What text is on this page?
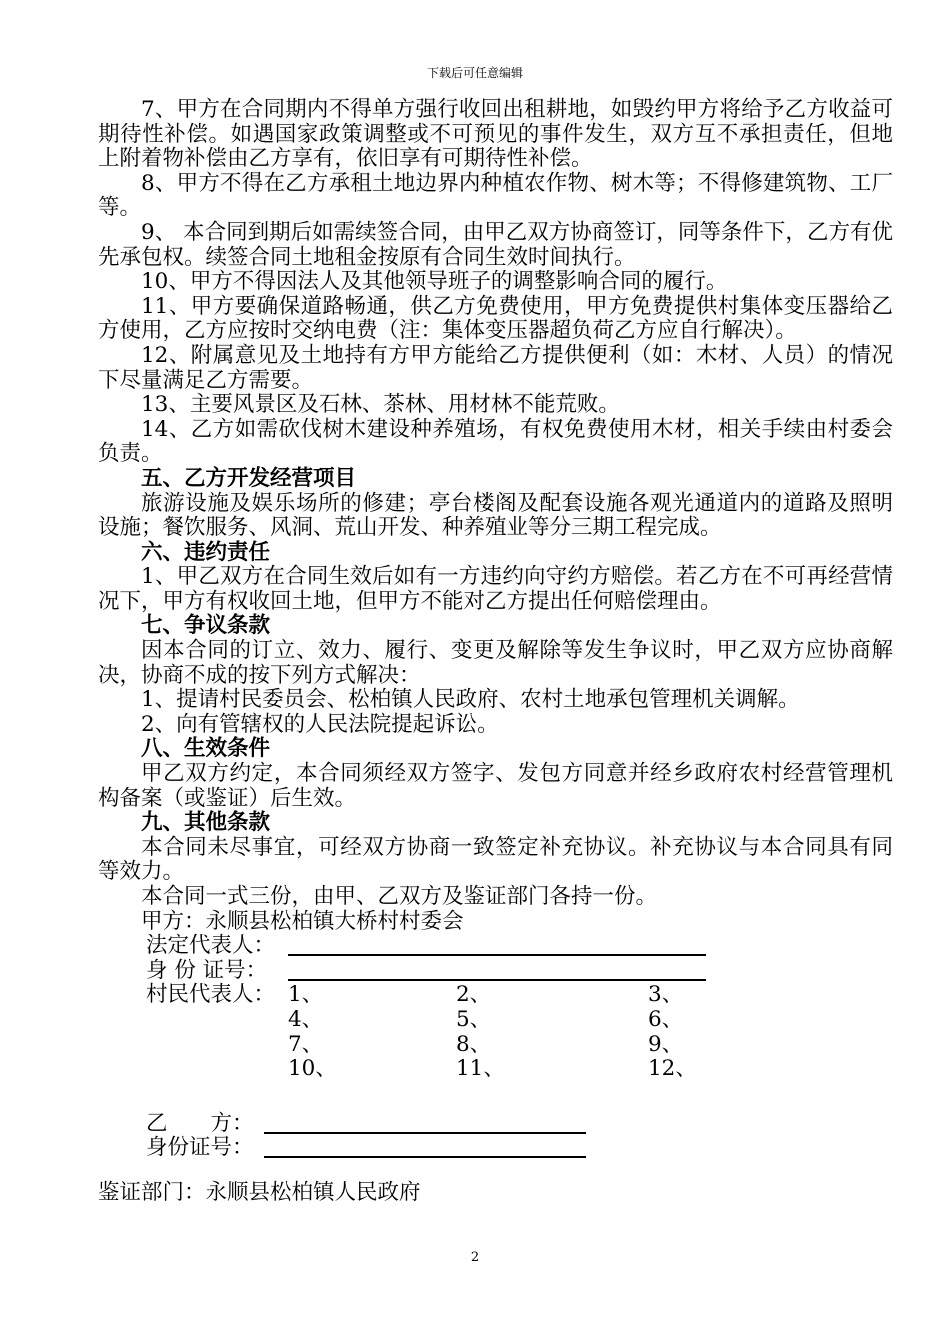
下载后可任意编辑

7、甲方在合同期内不得单方强行收回出租耕地，如毁约甲方将给予乙方收益可期待性补偿。如遇国家政策调整或不可预见的事件发生，双方互不承担责任，但地上附着物补偿由乙方享有，依旧享有可期待性补偿。

8、甲方不得在乙方承租土地边界内种植农作物、树木等；不得修建筑物、工厂等。

9、 本合同到期后如需续签合同，由甲乙双方协商签订，同等条件下，乙方有优先承包权。续签合同土地租金按原有合同生效时间执行。

10、甲方不得因法人及其他领导班子的调整影响合同的履行。

11、甲方要确保道路畅通，供乙方免费使用，甲方免费提供村集体变压器给乙方使用，乙方应按时交纳电费（注：集体变压器超负荷乙方应自行解决）。

12、附属意见及土地持有方甲方能给乙方提供便利（如：木材、人员）的情况下尽量满足乙方需要。

13、主要风景区及石林、茶林、用材林不能荒败。

14、乙方如需砍伐树木建设种养殖场，有权免费使用木材，相关手续由村委会负责。

五、乙方开发经营项目

旅游设施及娱乐场所的修建；亭台楼阁及配套设施各观光通道内的道路及照明设施；餐饮服务、风洞、荒山开发、种养殖业等分三期工程完成。

六、违约责任

1、甲乙双方在合同生效后如有一方违约向守约方赔偿。若乙方在不可再经营情况下，甲方有权收回土地，但甲方不能对乙方提出任何赔偿理由。

七、争议条款

因本合同的订立、效力、履行、变更及解除等发生争议时，甲乙双方应协商解决，协商不成的按下列方式解决：

1、提请村民委员会、松柏镇人民政府、农村土地承包管理机关调解。

2、向有管辖权的人民法院提起诉讼。

八、生效条件

甲乙双方约定，本合同须经双方签字、发包方同意并经乡政府农村经营管理机构备案（或鉴证）后生效。

九、其他条款

本合同未尽事宜，可经双方协商一致签定补充协议。补充协议与本合同具有同等效力。

本合同一式三份，由甲、乙双方及鉴证部门各持一份。

甲方：永顺县松柏镇大桥村村委会

法定代表人：
身 份 证号：
村民代表人： 1、	2、	3、
4、	5、	6、
7、	8、	9、
10、	11、	12、
乙　　方：
身份证号：

鉴证部门：永顺县松柏镇人民政府

2
